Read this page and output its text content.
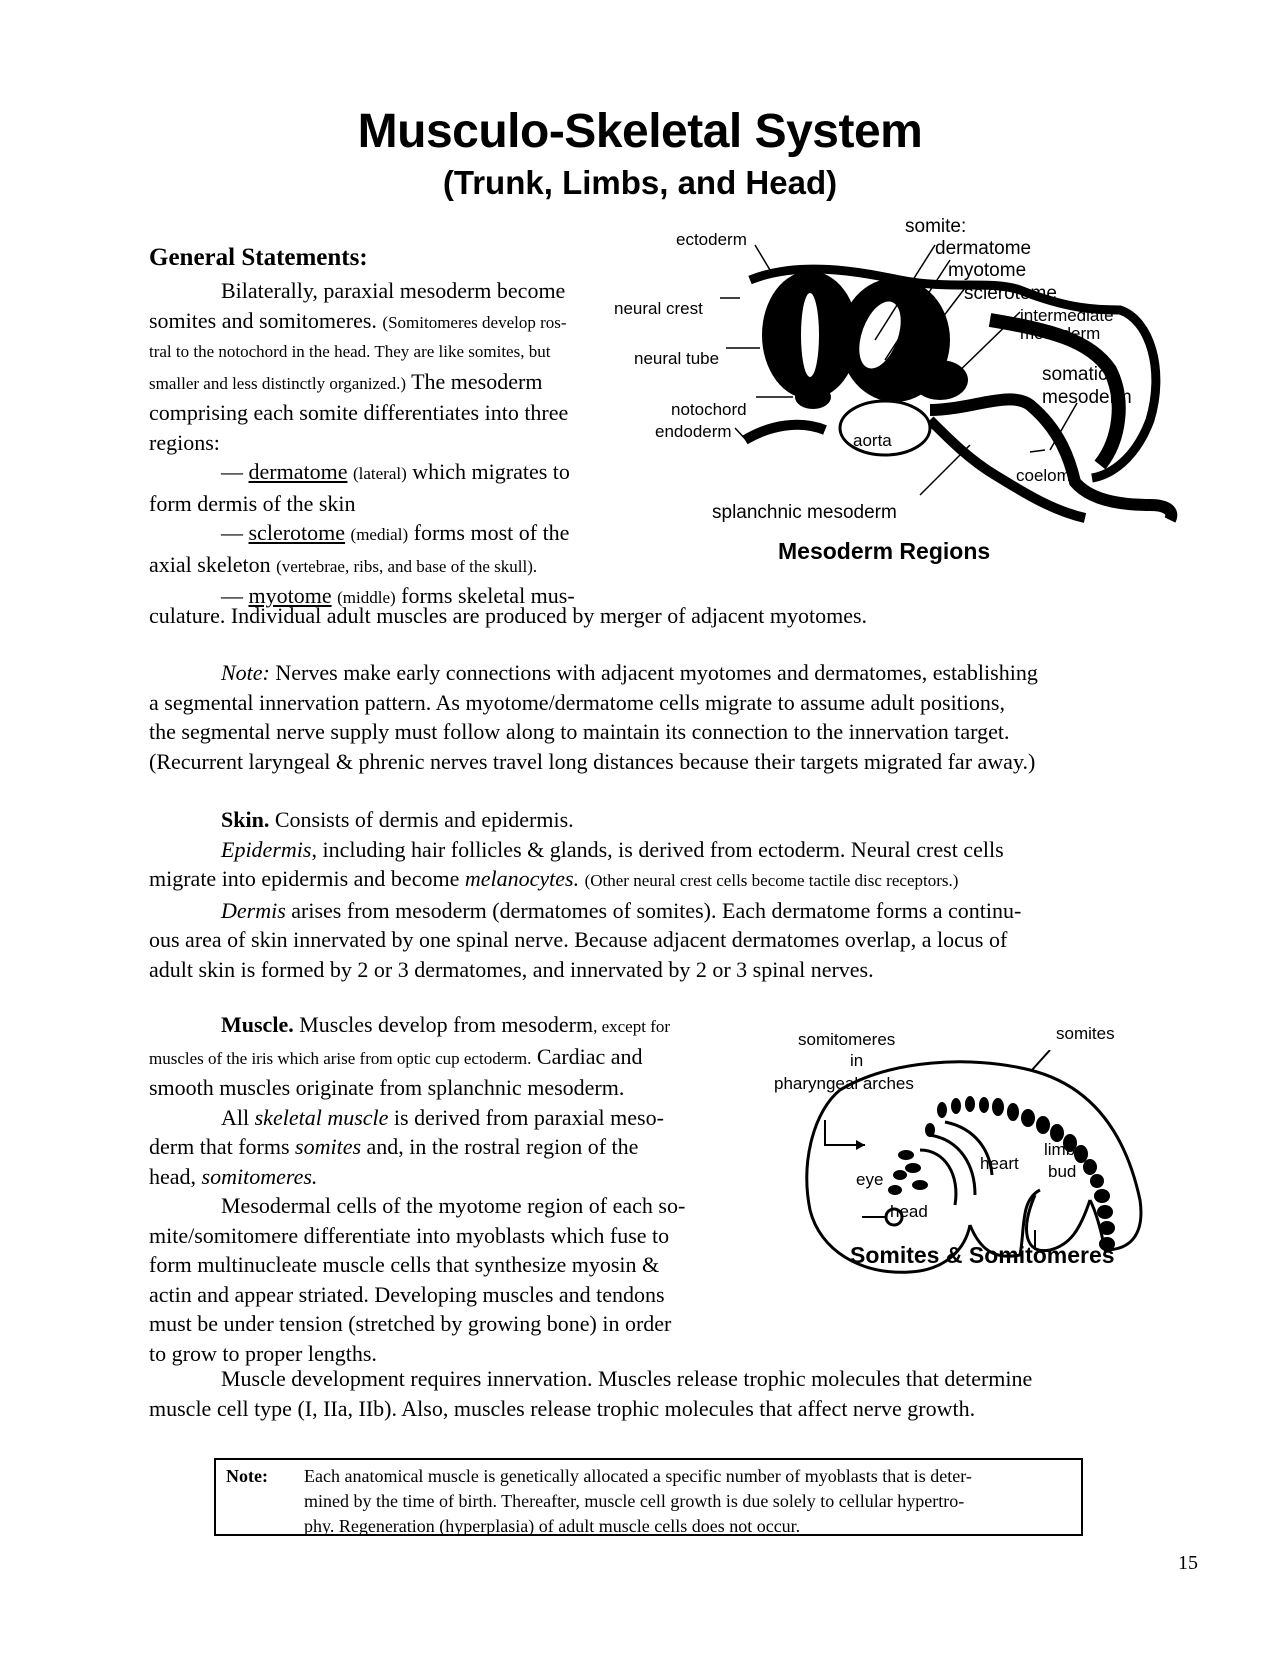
Musculo-Skeletal System
(Trunk, Limbs, and Head)
General Statements:
Bilaterally, paraxial mesoderm become
somites and somitomeres. (Somitomeres develop ros-
tral to the notochord in the head. They are like somites, but
smaller and less distinctly organized.) The mesoderm
comprising each somite differentiates into three
regions:
— dermatome (lateral) which migrates to
form dermis of the skin
— sclerotome (medial) forms most of the
axial skeleton (vertebrae, ribs, and base of the skull).
— myotome (middle) forms skeletal mus-
culature. Individual adult muscles are produced by merger of adjacent myotomes.
ectoderm
somite:
dermatome
myotome
sclerotome
intermediate
mesoderm
neural crest
neural tube
somatic
mesoderm
notochord
endoderm	aorta
coelom
splanchnic mesoderm
Mesoderm Regions
Note: Nerves make early connections with adjacent myotomes and dermatomes, establishing
a segmental innervation pattern. As myotome/dermatome cells migrate to assume adult positions,
the segmental nerve supply must follow along to maintain its connection to the innervation target.
(Recurrent laryngeal & phrenic nerves travel long distances because their targets migrated far away.)
Skin. Consists of dermis and epidermis.
Epidermis, including hair follicles & glands, is derived from ectoderm. Neural crest cells
migrate into epidermis and become melanocytes. (Other neural crest cells become tactile disc receptors.)
Dermis arises from mesoderm (dermatomes of somites). Each dermatome forms a continu-
ous area of skin innervated by one spinal nerve. Because adjacent dermatomes overlap, a locus of
adult skin is formed by 2 or 3 dermatomes, and innervated by 2 or 3 spinal nerves.
Muscle. Muscles develop from mesoderm, except for
muscles of the iris which arise from optic cup ectoderm. Cardiac and
smooth muscles originate from splanchnic mesoderm.
All skeletal muscle is derived from paraxial meso-
derm that forms somites and, in the rostral region of the
head, somitomeres.
Mesodermal cells of the myotome region of each so-
mite/somitomere differentiate into myoblasts which fuse to
form multinucleate muscle cells that synthesize myosin &
actin and appear striated. Developing muscles and tendons
must be under tension (stretched by growing bone) in order
to grow to proper lengths.
Muscle development requires innervation. Muscles release trophic molecules that determine
muscle cell type (I, IIa, IIb). Also, muscles release trophic molecules that affect nerve growth.
somitomeres
in
pharyngeal arches
somites
heart
limb
bud
eye
head
Somites & Somitomeres
Note: Each anatomical muscle is genetically allocated a specific number of myoblasts that is deter-
mined by the time of birth. Thereafter, muscle cell growth is due solely to cellular hypertro-
phy. Regeneration (hyperplasia) of adult muscle cells does not occur.
15
